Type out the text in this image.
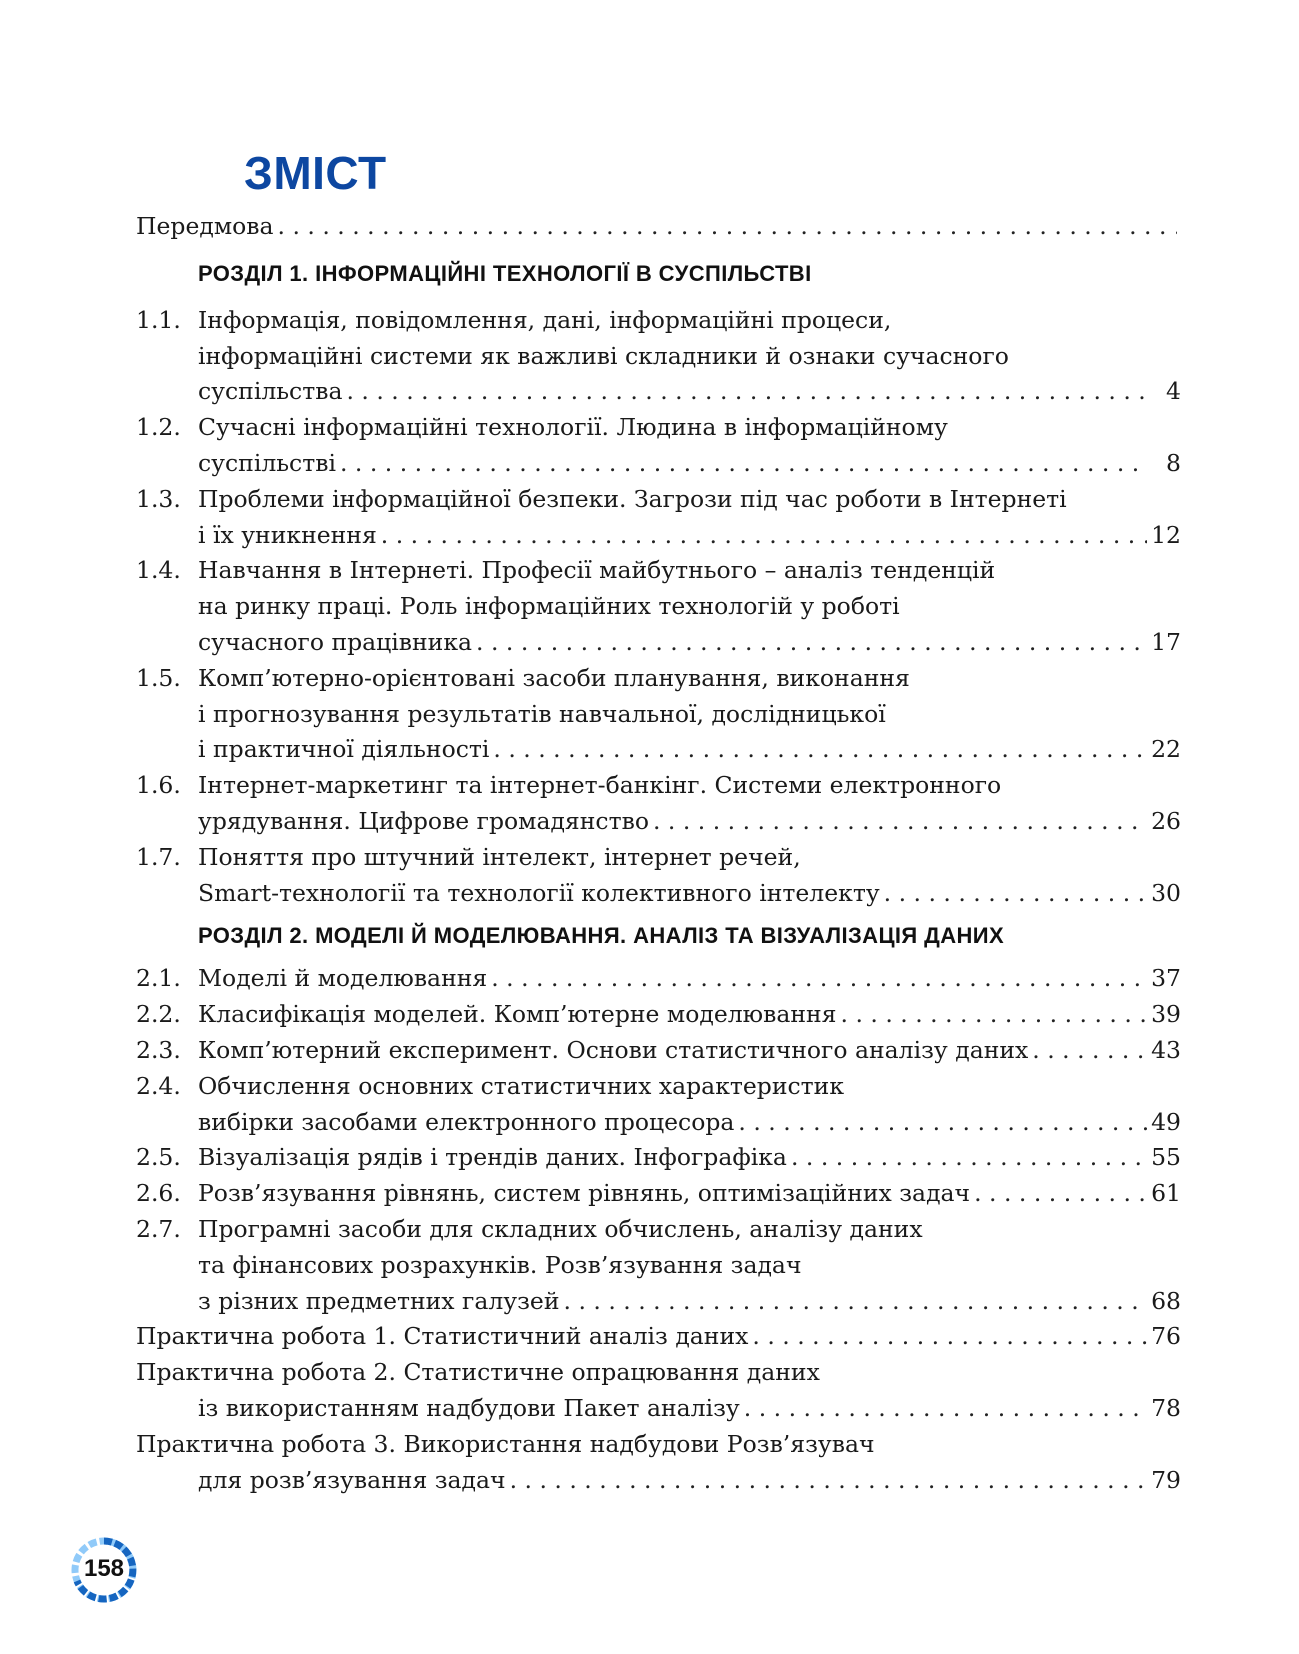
ЗМІСТ
Передмова
. . .
РОЗДІЛ 1. ІНФОРМАЦІЙНІ ТЕХНОЛОГІЇ В СУСПІЛЬСТВІ
1.1. Інформація, повідомлення, дані, інформаційні процеси,
інформаційні системи як важливі складники й ознаки сучасного
суспільства . . .	4
1.2. Сучасні інформаційні технології. Людина в інформаційному
суспільстві . . .	8
1.3. Проблеми інформаційної безпеки. Загрози під час роботи в Інтернеті
і їх уникнення . . .	12
1.4. Навчання в Інтернеті. Професії майбутнього – аналіз тенденцій
на ринку праці. Роль інформаційних технологій у роботі
сучасного працівника . . .	17
1.5. Комп’ютерно-орієнтовані засоби планування, виконання
і прогнозування результатів навчальної, дослідницької
і практичної діяльності . . .	22
1.6. Інтернет-маркетинг та інтернет-банкінг. Системи електронного
урядування. Цифрове громадянство . . .	26
1.7. Поняття про штучний інтелект, інтернет речей,
Smart-технології та технології колективного інтелекту . . .	30
РОЗДІЛ 2. МОДЕЛІ Й МОДЕЛЮВАННЯ. АНАЛІЗ ТА ВІЗУАЛІЗАЦІЯ ДАНИХ
2.1. Моделі й моделювання . . .	37
2.2. Класифікація моделей. Комп’ютерне моделювання . . .	39
2.3. Комп’ютерний експеримент. Основи статистичного аналізу даних . . .	43
2.4. Обчислення основних статистичних характеристик
вибірки засобами електронного процесора . . .	49
2.5. Візуалізація рядів і трендів даних. Інфографіка . . .	55
2.6. Розв’язування рівнянь, систем рівнянь, оптимізаційних задач . . .	61
2.7. Програмні засоби для складних обчислень, аналізу даних
та фінансових розрахунків. Розв’язування задач
з різних предметних галузей . . .	68
Практична робота 1. Статистичний аналіз даних . . .	76
Практична робота 2. Статистичне опрацювання даних
із використанням надбудови Пакет аналізу . . .	78
Практична робота 3. Використання надбудови Розв’язувач
для розв’язування задач . . .	79
158
